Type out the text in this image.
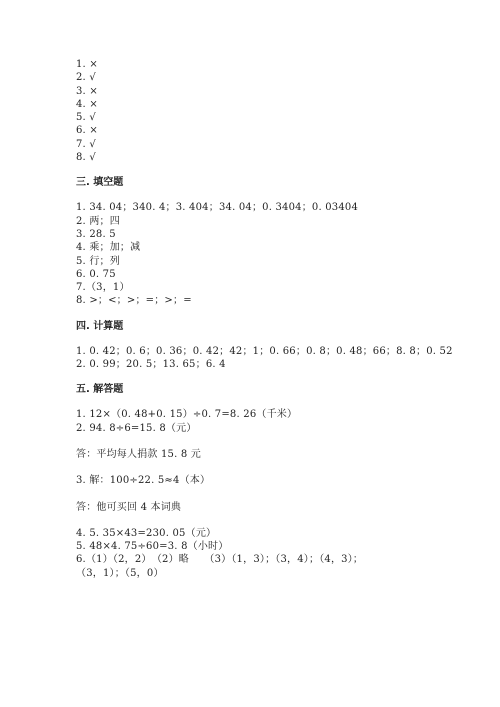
1. ×
2. √
3. ×
4. ×
5. √
6. ×
7. √
8. √
三. 填空题
1. 34. 04；340. 4；3. 404；34. 04；0. 3404；0. 03404
2. 两；四
3. 28. 5
4. 乘；加；减
5. 行；列
6. 0. 75
7.（3，1）
8. >；<；>；=；>；=
四. 计算题
1. 0. 42；0. 6；0. 36；0. 42；42；1；0. 66；0. 8；0. 48；66；8. 8；0. 52
2. 0. 99；20. 5；13. 65；6. 4
五. 解答题
1. 12×（0. 48+0. 15）÷0. 7=8. 26（千米）
2. 94. 8÷6=15. 8（元）
答：平均每人捐款 15. 8 元
3. 解：100÷22. 5≈4（本）
答：他可买回 4 本词典
4. 5. 35×43=230. 05（元）
5. 48×4. 75÷60=3. 8（小时）
6.（1）（2，2）　（2）略　　（3）（1，3）；（3，4）；（4，3）；
（3，1）；（5，0）
